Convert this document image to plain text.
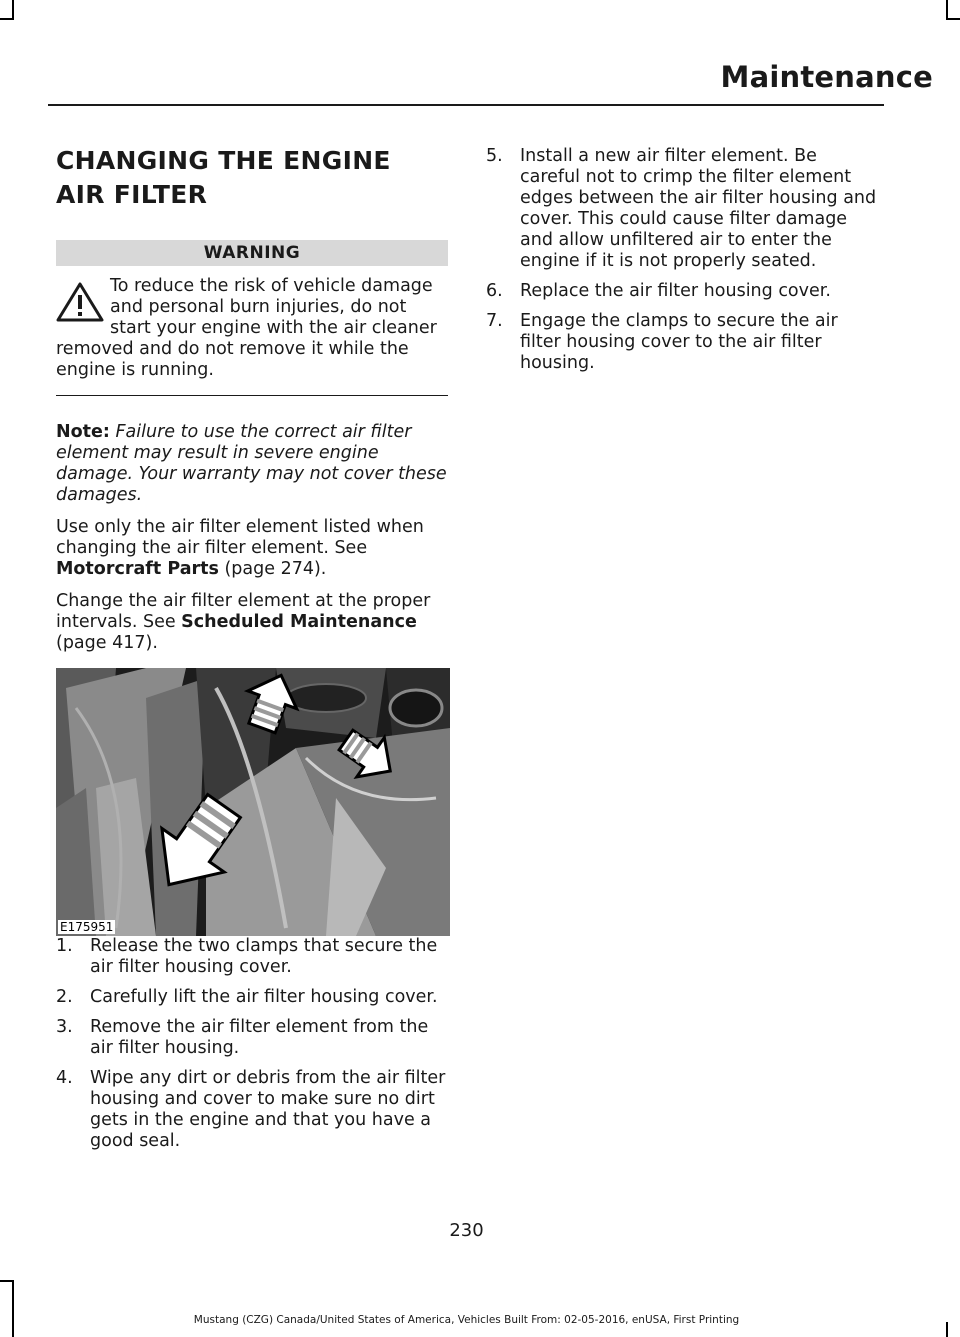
Maintenance
CHANGING THE ENGINE AIR FILTER
WARNING
To reduce the risk of vehicle damage and personal burn injuries, do not start your engine with the air cleaner removed and do not remove it while the engine is running.

Note: Failure to use the correct air filter element may result in severe engine damage. Your warranty may not cover these damages.

Use only the air filter element listed when changing the air filter element. See Motorcraft Parts (page 274).

Change the air filter element at the proper intervals. See Scheduled Maintenance (page 417).

E175951
1. Release the two clamps that secure the air filter housing cover.
2. Carefully lift the air filter housing cover.
3. Remove the air filter element from the air filter housing.
4. Wipe any dirt or debris from the air filter housing and cover to make sure no dirt gets in the engine and that you have a good seal.
5. Install a new air filter element. Be careful not to crimp the filter element edges between the air filter housing and cover. This could cause filter damage and allow unfiltered air to enter the engine if it is not properly seated.
6. Replace the air filter housing cover.
7. Engage the clamps to secure the air filter housing cover to the air filter housing.
230
Mustang (CZG) Canada/United States of America, Vehicles Built From: 02-05-2016, enUSA, First Printing
